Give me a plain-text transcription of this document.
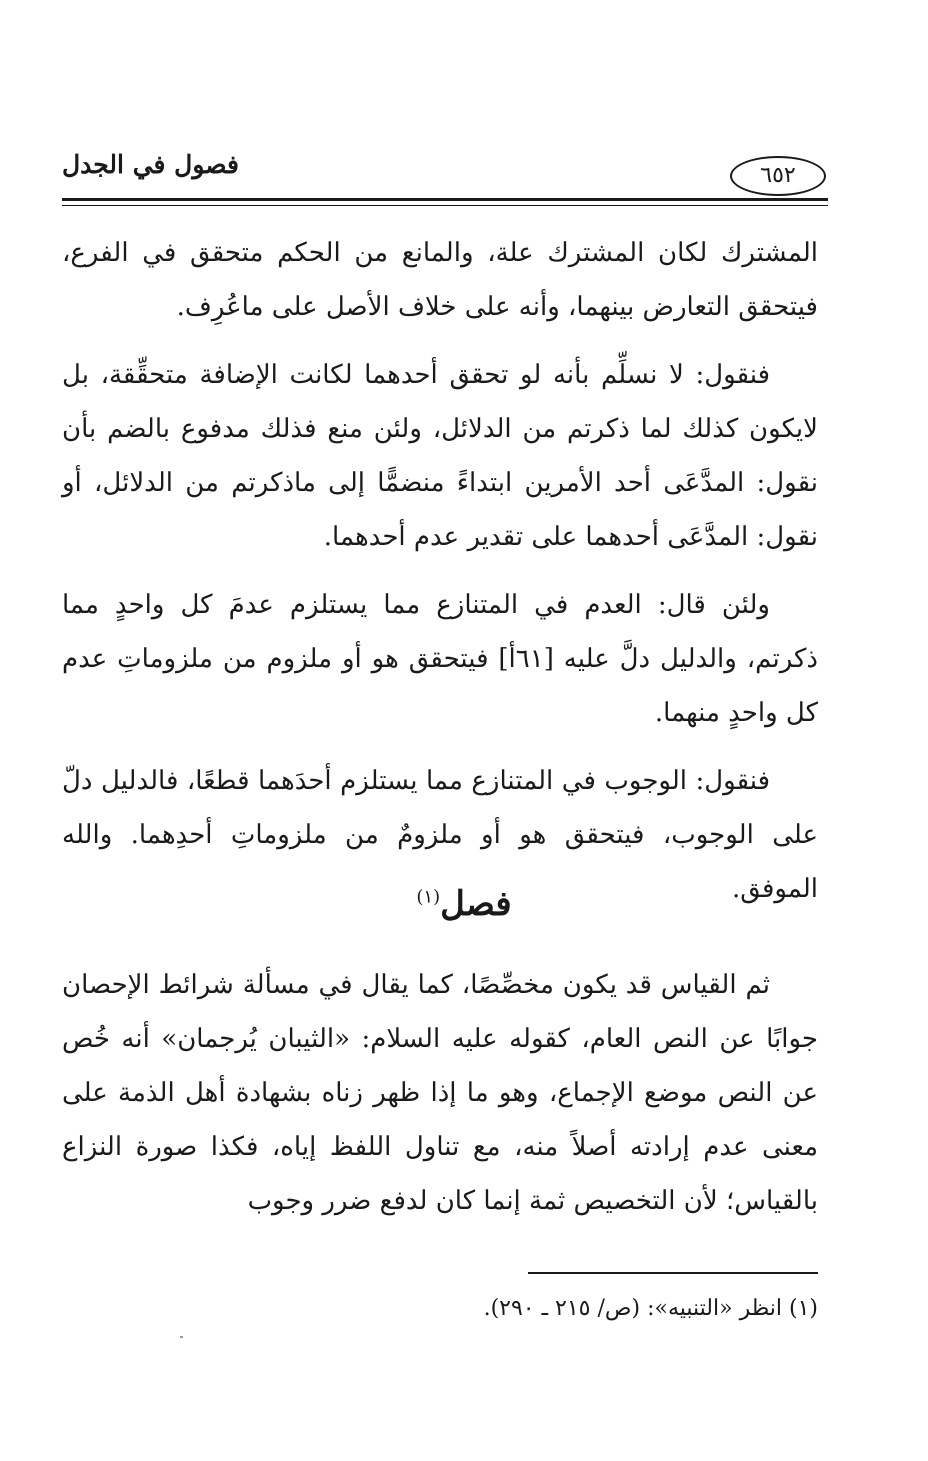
٦٥٢
فصول في الجدل

المشترك لكان المشترك علة، والمانع من الحكم متحقق في الفرع، فيتحقق التعارض بينهما، وأنه على خلاف الأصل على ماعُرِف.

فنقول: لا نسلِّم بأنه لو تحقق أحدهما لكانت الإضافة متحقِّقة، بل لايكون كذلك لما ذكرتم من الدلائل، ولئن منع فذلك مدفوع بالضم بأن نقول: المدَّعَى أحد الأمرين ابتداءً منضمًّا إلى ماذكرتم من الدلائل، أو نقول: المدَّعَى أحدهما على تقدير عدم أحدهما.

ولئن قال: العدم في المتنازع مما يستلزم عدمَ كل واحدٍ مما ذكرتم، والدليل دلَّ عليه [٦١أ] فيتحقق هو أو ملزوم من ملزوماتِ عدم كل واحدٍ منهما.

فنقول: الوجوب في المتنازع مما يستلزم أحدَهما قطعًا، فالدليل دلّ على الوجوب، فيتحقق هو أو ملزومٌ من ملزوماتِ أحدِهما. والله الموفق.

فصل$^{(١)}$

ثم القياس قد يكون مخصِّصًا، كما يقال في مسألة شرائط الإحصان جوابًا عن النص العام، كقوله عليه السلام: «الثيبان يُرجمان» أنه خُص عن النص موضع الإجماع، وهو ما إذا ظهر زناه بشهادة أهل الذمة على معنى عدم إرادته أصلاً منه، مع تناول اللفظ إياه، فكذا صورة النزاع بالقياس؛ لأن التخصيص ثمة إنما كان لدفع ضرر وجوب

(١) انظر «التنبيه»: (ص/ ٢١٥ ـ ٢٩٠).
